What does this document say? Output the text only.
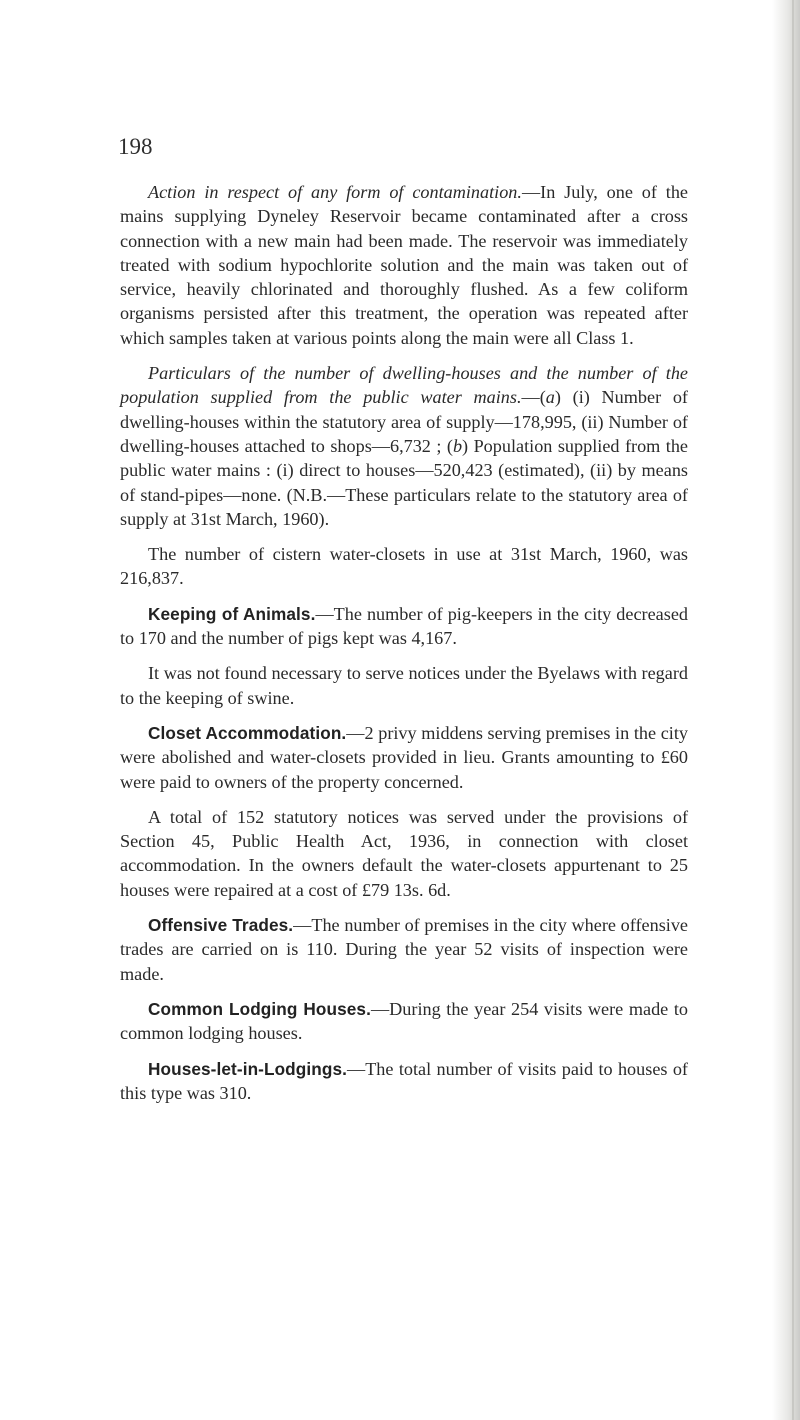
198

Action in respect of any form of contamination.—In July, one of the mains supplying Dyneley Reservoir became contaminated after a cross connection with a new main had been made. The reservoir was immediately treated with sodium hypochlorite solution and the main was taken out of service, heavily chlorinated and thoroughly flushed. As a few coliform organisms persisted after this treatment, the operation was repeated after which samples taken at various points along the main were all Class 1.

Particulars of the number of dwelling-houses and the number of the population supplied from the public water mains.—(a) (i) Number of dwelling-houses within the statutory area of supply—178,995, (ii) Number of dwelling-houses attached to shops—6,732 ; (b) Population supplied from the public water mains : (i) direct to houses—520,423 (estimated), (ii) by means of stand-pipes—none. (N.B.—These particulars relate to the statutory area of supply at 31st March, 1960).

The number of cistern water-closets in use at 31st March, 1960, was 216,837.

Keeping of Animals.—The number of pig-keepers in the city decreased to 170 and the number of pigs kept was 4,167.

It was not found necessary to serve notices under the Byelaws with regard to the keeping of swine.

Closet Accommodation.—2 privy middens serving premises in the city were abolished and water-closets provided in lieu. Grants amounting to £60 were paid to owners of the property concerned.

A total of 152 statutory notices was served under the provisions of Section 45, Public Health Act, 1936, in connection with closet accommodation. In the owners default the water-closets appurtenant to 25 houses were repaired at a cost of £79 13s. 6d.

Offensive Trades.—The number of premises in the city where offensive trades are carried on is 110. During the year 52 visits of inspection were made.

Common Lodging Houses.—During the year 254 visits were made to common lodging houses.

Houses-let-in-Lodgings.—The total number of visits paid to houses of this type was 310.
